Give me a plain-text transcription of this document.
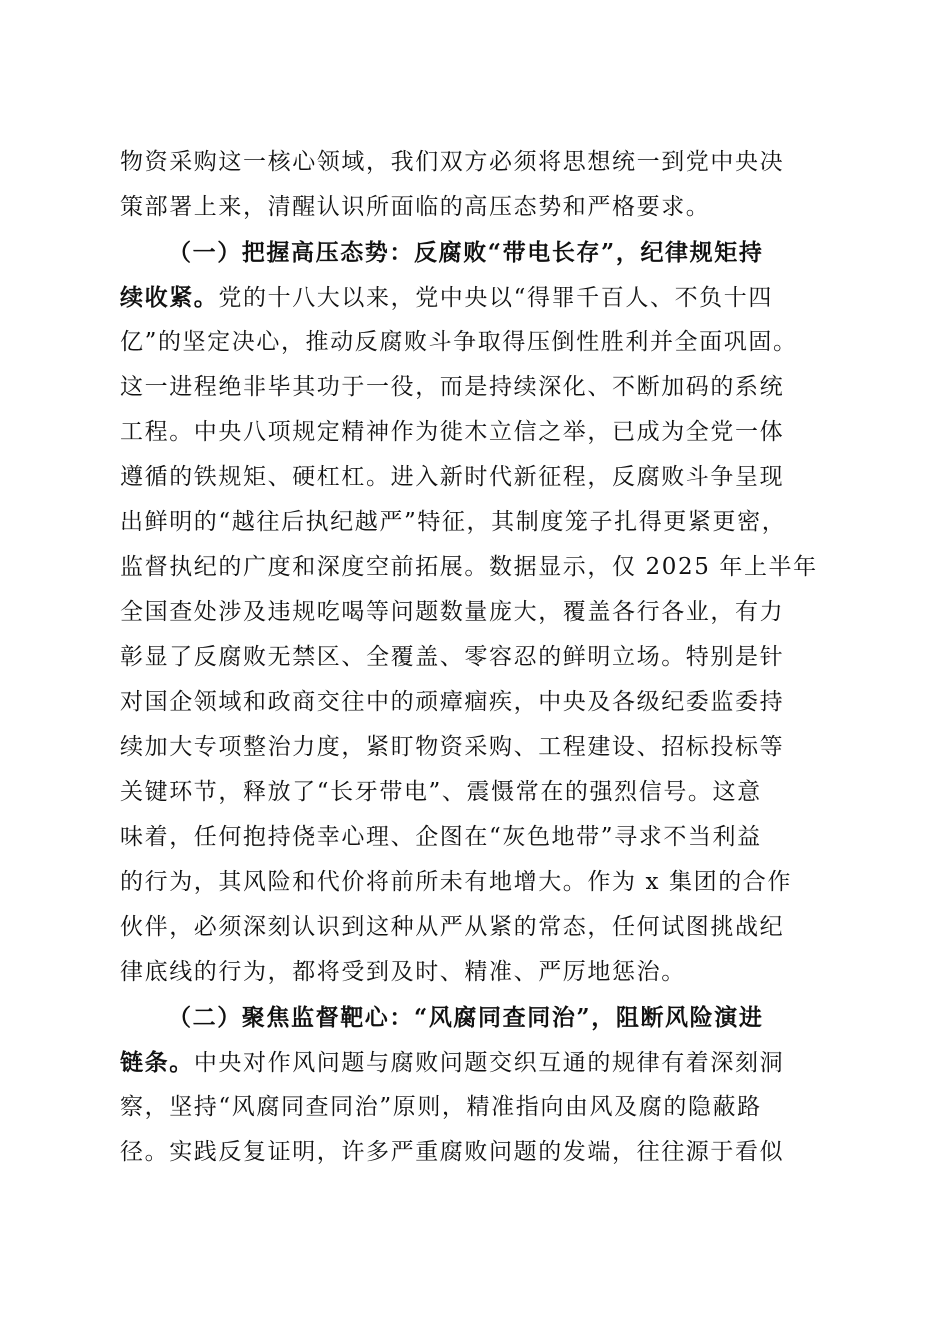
物资采购这一核心领域，我们双方必须将思想统一到党中央决
策部署上来，清醒认识所面临的高压态势和严格要求。
（一）把握高压态势：反腐败“带电长存”，纪律规矩持
续收紧。党的十八大以来，党中央以“得罪千百人、不负十四
亿”的坚定决心，推动反腐败斗争取得压倒性胜利并全面巩固。
这一进程绝非毕其功于一役，而是持续深化、不断加码的系统
工程。中央八项规定精神作为徙木立信之举，已成为全党一体
遵循的铁规矩、硬杠杠。进入新时代新征程，反腐败斗争呈现
出鲜明的“越往后执纪越严”特征，其制度笼子扎得更紧更密，
监督执纪的广度和深度空前拓展。数据显示，仅 2025 年上半年
全国查处涉及违规吃喝等问题数量庞大，覆盖各行各业，有力
彰显了反腐败无禁区、全覆盖、零容忍的鲜明立场。特别是针
对国企领域和政商交往中的顽瘴痼疾，中央及各级纪委监委持
续加大专项整治力度，紧盯物资采购、工程建设、招标投标等
关键环节，释放了“长牙带电”、震慑常在的强烈信号。这意
味着，任何抱持侥幸心理、企图在“灰色地带”寻求不当利益
的行为，其风险和代价将前所未有地增大。作为 x 集团的合作
伙伴，必须深刻认识到这种从严从紧的常态，任何试图挑战纪
律底线的行为，都将受到及时、精准、严厉地惩治。
（二）聚焦监督靶心：“风腐同查同治”，阻断风险演进
链条。中央对作风问题与腐败问题交织互通的规律有着深刻洞
察，坚持“风腐同查同治”原则，精准指向由风及腐的隐蔽路
径。实践反复证明，许多严重腐败问题的发端，往往源于看似
